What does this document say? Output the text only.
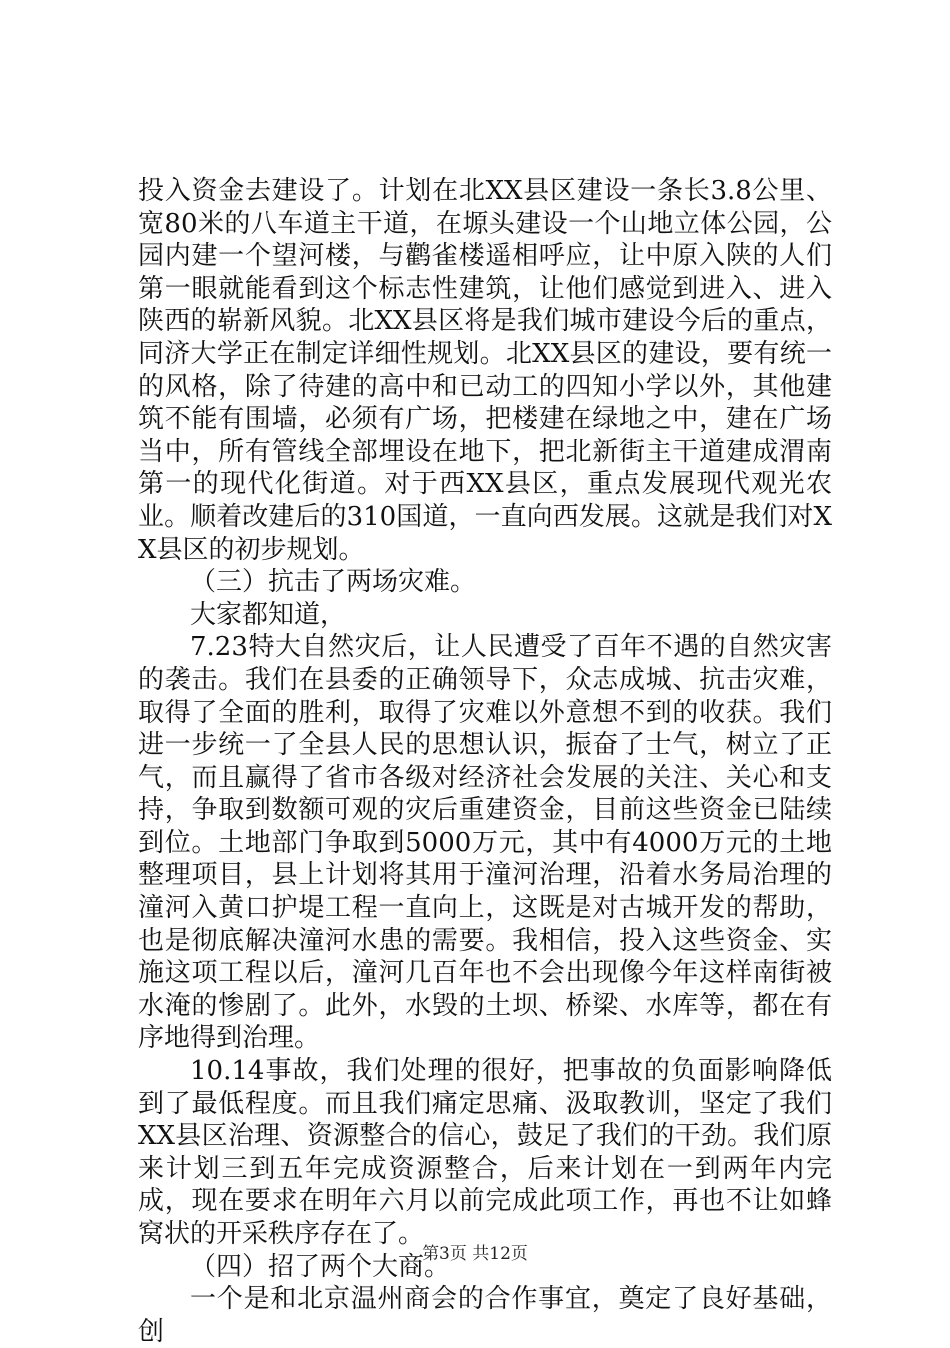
投入资金去建设了。计划在北XX县区建设一条长3.8公里、宽80米的八车道主干道，在塬头建设一个山地立体公园，公园内建一个望河楼，与鹳雀楼遥相呼应，让中原入陕的人们第一眼就能看到这个标志性建筑，让他们感觉到进入、进入陕西的崭新风貌。北XX县区将是我们城市建设今后的重点，同济大学正在制定详细性规划。北XX县区的建设，要有统一的风格，除了待建的高中和已动工的四知小学以外，其他建筑不能有围墙，必须有广场，把楼建在绿地之中，建在广场当中，所有管线全部埋设在地下，把北新街主干道建成渭南第一的现代化街道。对于西XX县区，重点发展现代观光农业。顺着改建后的310国道，一直向西发展。这就是我们对XX县区的初步规划。

（三）抗击了两场灾难。

大家都知道，

7.23特大自然灾后，让人民遭受了百年不遇的自然灾害的袭击。我们在县委的正确领导下，众志成城、抗击灾难，取得了全面的胜利，取得了灾难以外意想不到的收获。我们进一步统一了全县人民的思想认识，振奋了士气，树立了正气，而且赢得了省市各级对经济社会发展的关注、关心和支持，争取到数额可观的灾后重建资金，目前这些资金已陆续到位。土地部门争取到5000万元，其中有4000万元的土地整理项目，县上计划将其用于潼河治理，沿着水务局治理的潼河入黄口护堤工程一直向上，这既是对古城开发的帮助，也是彻底解决潼河水患的需要。我相信，投入这些资金、实施这项工程以后，潼河几百年也不会出现像今年这样南街被水淹的惨剧了。此外，水毁的土坝、桥梁、水库等，都在有序地得到治理。

10.14事故，我们处理的很好，把事故的负面影响降低到了最低程度。而且我们痛定思痛、汲取教训，坚定了我们XX县区治理、资源整合的信心，鼓足了我们的干劲。我们原来计划三到五年完成资源整合，后来计划在一到两年内完成，现在要求在明年六月以前完成此项工作，再也不让如蜂窝状的开采秩序存在了。

（四）招了两个大商。

一个是和北京温州商会的合作事宜，奠定了良好基础，创

第3页 共12页
